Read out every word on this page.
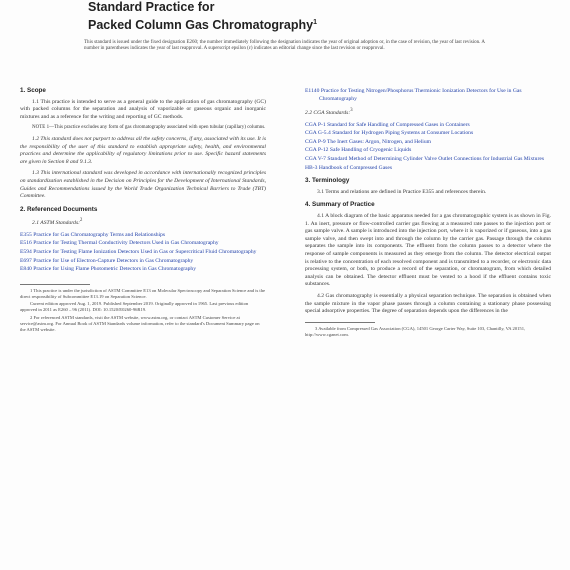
Standard Practice for
Packed Column Gas Chromatography$^1$
This standard is issued under the fixed designation E260; the number immediately following the designation indicates the year of original adoption or, in the case of revision, the year of last revision. A number in parentheses indicates the year of last reapproval. A superscript epsilon (ε) indicates an editorial change since the last revision or reapproval.
1. Scope

1.1 This practice is intended to serve as a general guide to the application of gas chromatography (GC) with packed columns for the separation and analysis of vaporizable or gaseous organic and inorganic mixtures and as a reference for the writing and reporting of GC methods.

NOTE 1—This practice excludes any form of gas chromatography associated with open tubular (capillary) columns.

1.2 This standard does not purport to address all the safety concerns, if any, associated with its use. It is the responsibility of the user of this standard to establish appropriate safety, health, and environmental practices and determine the applicability of regulatory limitations prior to use. Specific hazard statements are given in Section 8 and 9.1.3.

1.3 This international standard was developed in accordance with internationally recognized principles on standardization established in the Decision on Principles for the Development of International Standards, Guides and Recommendations issued by the World Trade Organization Technical Barriers to Trade (TBT) Committee.

2. Referenced Documents

2.1 ASTM Standards:$^2$

E355 Practice for Gas Chromatography Terms and Relationships
E516 Practice for Testing Thermal Conductivity Detectors Used in Gas Chromatography
E594 Practice for Testing Flame Ionization Detectors Used in Gas or Supercritical Fluid Chromatography
E697 Practice for Use of Electron-Capture Detectors in Gas Chromatography
E840 Practice for Using Flame Photometric Detectors in Gas Chromatography

1 This practice is under the jurisdiction of ASTM Committee E13 on Molecular Spectroscopy and Separation Science and is the direct responsibility of Subcommittee E13.19 on Separation Science.

Current edition approved Aug. 1, 2019. Published September 2019. Originally approved in 1965. Last previous edition approved in 2011 as E260 – 96 (2011). DOI: 10.1520/E0260-96R19.

2 For referenced ASTM standards, visit the ASTM website, www.astm.org, or contact ASTM Customer Service at service@astm.org. For Annual Book of ASTM Standards volume information, refer to the standard's Document Summary page on the ASTM website.

E1140 Practice for Testing Nitrogen/Phosphorus Thermionic Ionization Detectors for Use in Gas Chromatography

2.2 CGA Standards:$^3$

CGA P-1 Standard for Safe Handling of Compressed Gases in Containers
CGA G-5.4 Standard for Hydrogen Piping Systems at Consumer Locations
CGA P-9 The Inert Gases: Argon, Nitrogen, and Helium
CGA P-12 Safe Handling of Cryogenic Liquids
CGA V-7 Standard Method of Determining Cylinder Valve Outlet Connections for Industrial Gas Mixtures
HB-3 Handbook of Compressed Gases
3. Terminology

3.1 Terms and relations are defined in Practice E355 and references therein.

4. Summary of Practice

4.1 A block diagram of the basic apparatus needed for a gas chromatographic system is as shown in Fig. 1. An inert, pressure or flow-controlled carrier gas flowing at a measured rate passes to the injection port or gas sample valve. A sample is introduced into the injection port, where it is vaporized or if gaseous, into a gas sample valve, and then swept into and through the column by the carrier gas. Passage through the column separates the sample into its components. The effluent from the column passes to a detector where the response of sample components is measured as they emerge from the column. The detector electrical output is relative to the concentration of each resolved component and is transmitted to a recorder, or electronic data processing system, or both, to produce a record of the separation, or chromatogram, from which detailed analysis can be obtained. The detector effluent must be vented to a hood if the effluent contains toxic substances.

4.2 Gas chromatography is essentially a physical separation technique. The separation is obtained when the sample mixture in the vapor phase passes through a column containing a stationary phase possessing special adsorptive properties. The degree of separation depends upon the differences in the

3 Available from Compressed Gas Association (CGA), 14501 George Carter Way, Suite 103, Chantilly, VA 20151, http://www.cganet.com.
